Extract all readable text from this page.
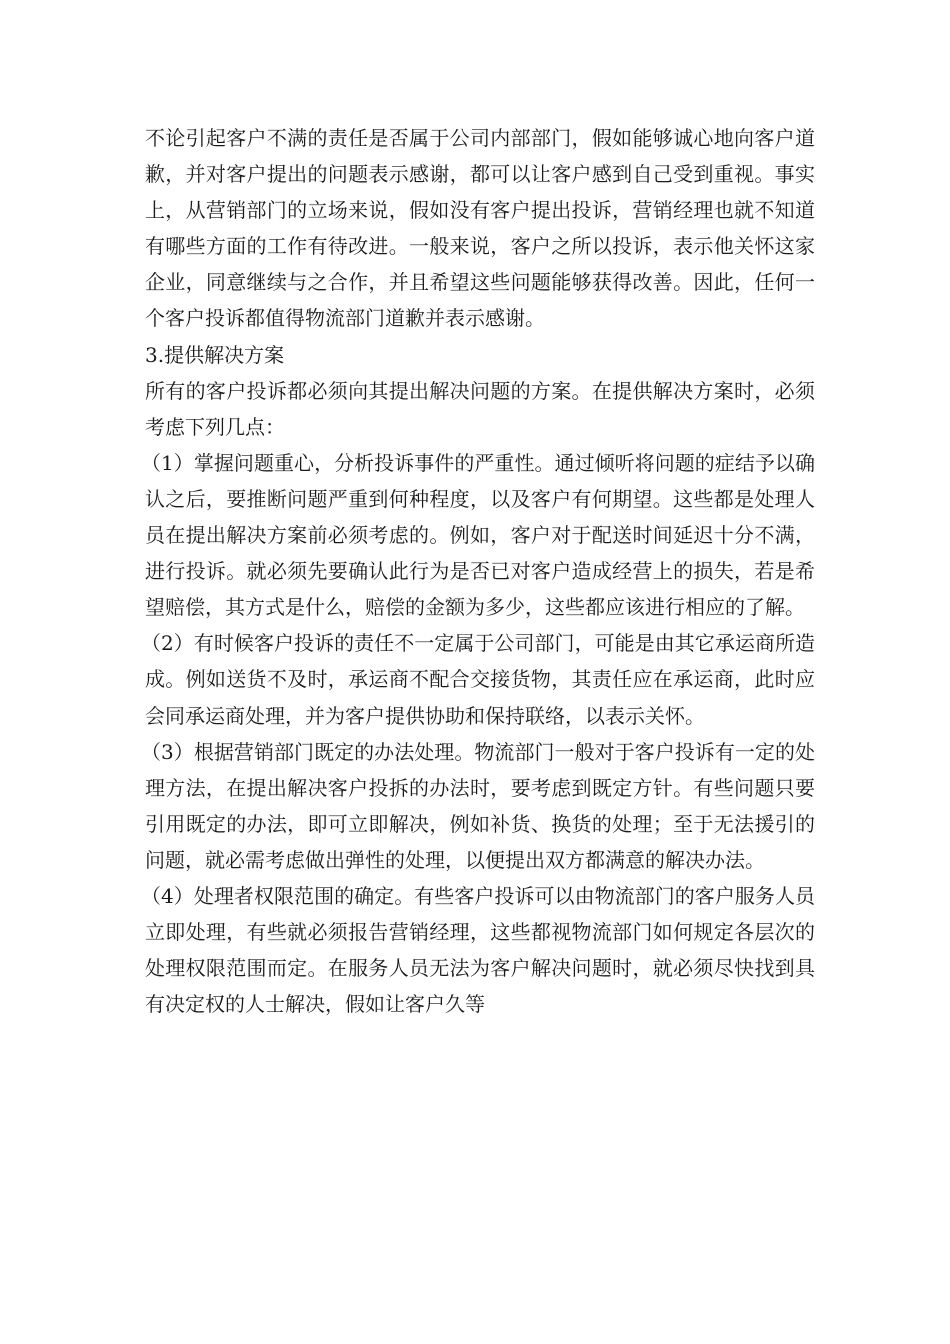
不论引起客户不满的责任是否属于公司内部部门，假如能够诚心地向客户道歉，并对客户提出的问题表示感谢，都可以让客户感到自己受到重视。事实上，从营销部门的立场来说，假如没有客户提出投诉，营销经理也就不知道有哪些方面的工作有待改进。一般来说，客户之所以投诉，表示他关怀这家企业，同意继续与之合作，并且希望这些问题能够获得改善。因此，任何一个客户投诉都值得物流部门道歉并表示感谢。

3.提供解决方案

所有的客户投诉都必须向其提出解决问题的方案。在提供解决方案时，必须考虑下列几点：

（1）掌握问题重心，分析投诉事件的严重性。通过倾听将问题的症结予以确认之后，要推断问题严重到何种程度，以及客户有何期望。这些都是处理人员在提出解决方案前必须考虑的。例如，客户对于配送时间延迟十分不满，进行投诉。就必须先要确认此行为是否已对客户造成经营上的损失，若是希望赔偿，其方式是什么，赔偿的金额为多少，这些都应该进行相应的了解。

（2）有时候客户投诉的责任不一定属于公司部门，可能是由其它承运商所造成。例如送货不及时，承运商不配合交接货物，其责任应在承运商，此时应会同承运商处理，并为客户提供协助和保持联络，以表示关怀。

（3）根据营销部门既定的办法处理。物流部门一般对于客户投诉有一定的处理方法，在提出解决客户投拆的办法时，要考虑到既定方针。有些问题只要引用既定的办法，即可立即解决，例如补货、换货的处理；至于无法援引的问题，就必需考虑做出弹性的处理，以便提出双方都满意的解决办法。

（4）处理者权限范围的确定。有些客户投诉可以由物流部门的客户服务人员立即处理，有些就必须报告营销经理，这些都视物流部门如何规定各层次的处理权限范围而定。在服务人员无法为客户解决问题时，就必须尽快找到具有决定权的人士解决，假如让客户久等
